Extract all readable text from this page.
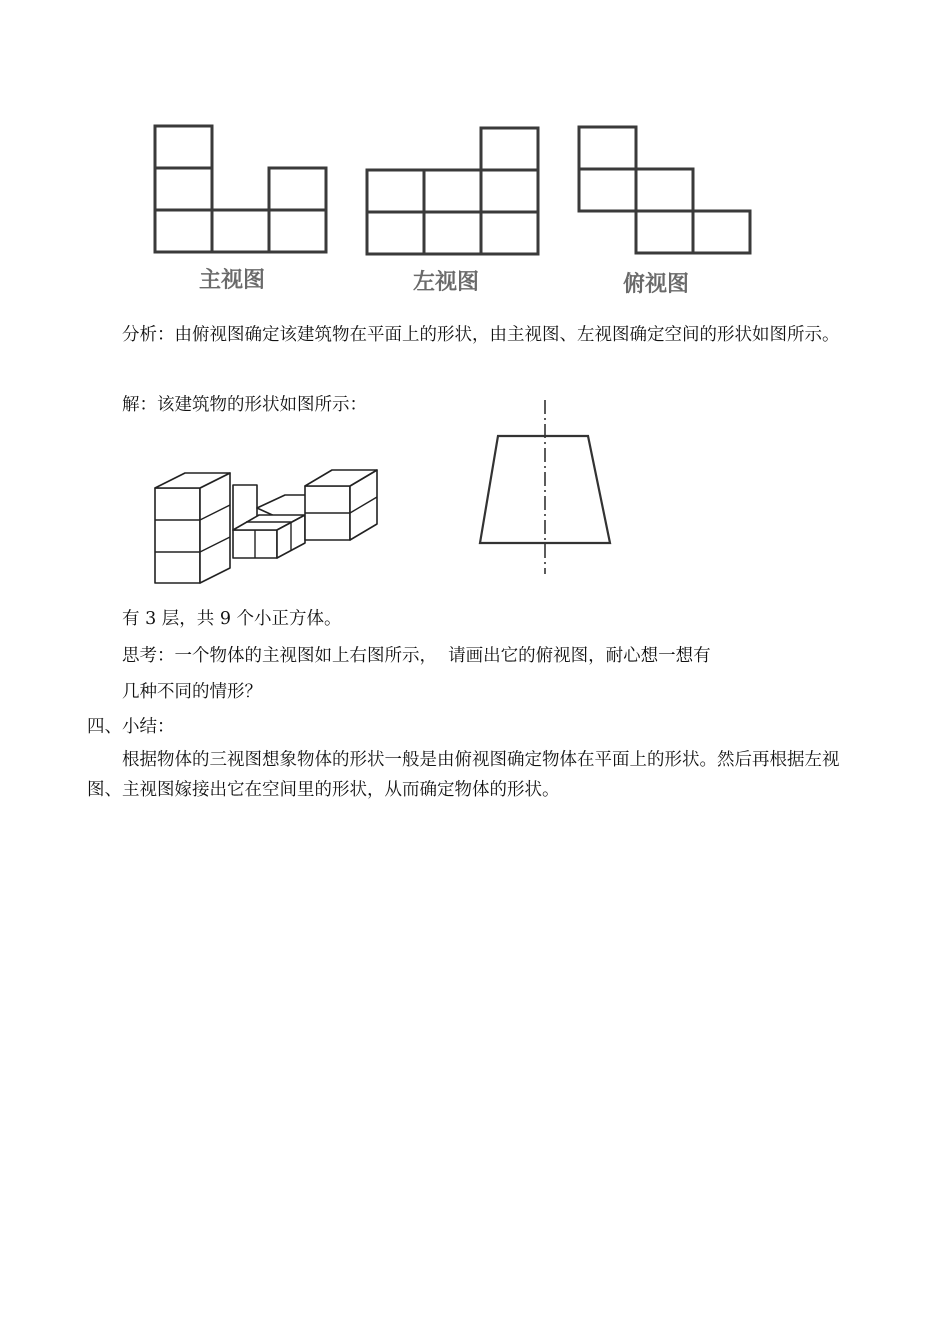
主视图	左视图	俯视图

分析：由俯视图确定该建筑物在平面上的形状，由主视图、左视图确定空间的形状如图所示。

解：该建筑物的形状如图所示：

有 3 层，共 9 个小正方体。

思考：一个物体的主视图如上右图所示，  请画出它的俯视图，耐心想一想有

几种不同的情形？

四、小结：

根据物体的三视图想象物体的形状一般是由俯视图确定物体在平面上的形状。然后再根据左视图、主视图嫁接出它在空间里的形状，从而确定物体的形状。
